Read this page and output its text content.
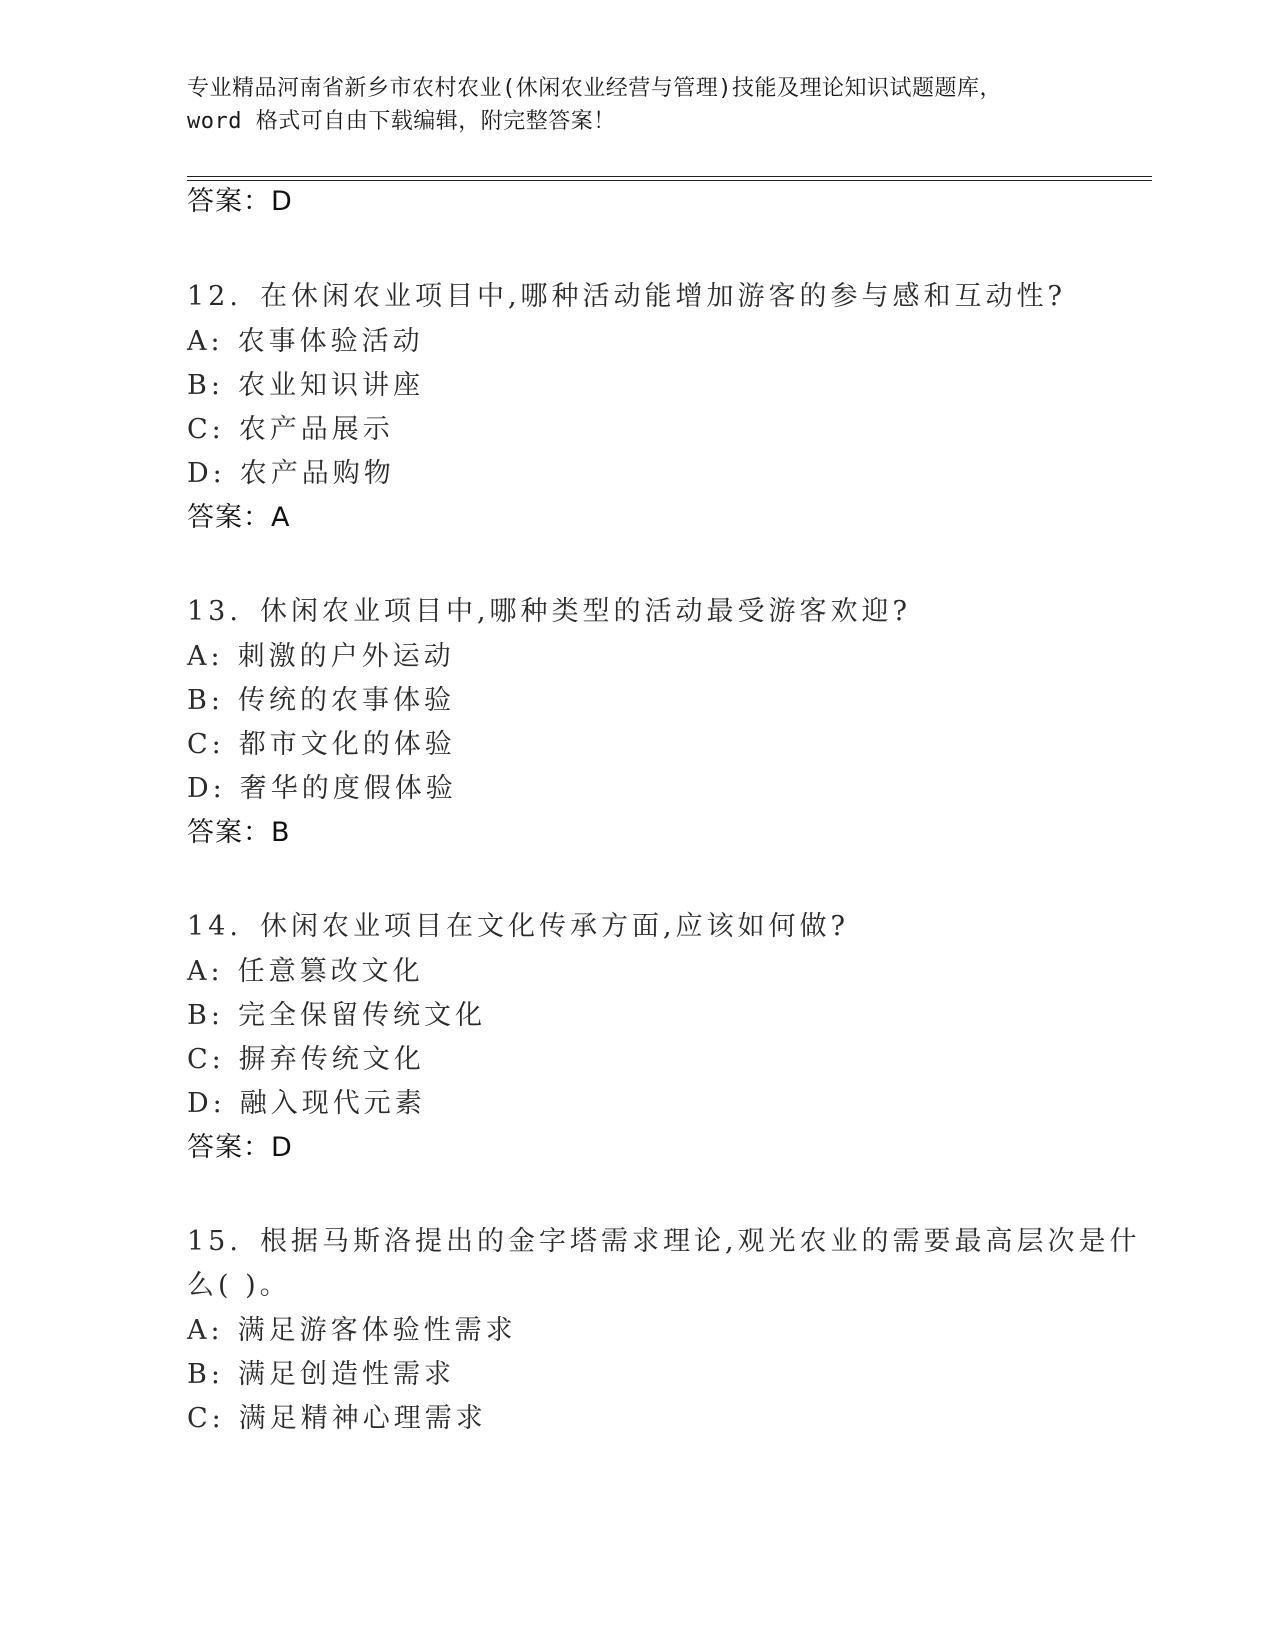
专业精品河南省新乡市农村农业(休闲农业经营与管理)技能及理论知识试题题库，
word 格式可自由下载编辑，附完整答案！
答案：D
12. 在休闲农业项目中,哪种活动能增加游客的参与感和互动性?
A: 农事体验活动
B: 农业知识讲座
C: 农产品展示
D: 农产品购物
答案：A
13. 休闲农业项目中,哪种类型的活动最受游客欢迎?
A: 刺激的户外运动
B: 传统的农事体验
C: 都市文化的体验
D: 奢华的度假体验
答案：B
14. 休闲农业项目在文化传承方面,应该如何做?
A: 任意篡改文化
B: 完全保留传统文化
C: 摒弃传统文化
D: 融入现代元素
答案：D
15. 根据马斯洛提出的金字塔需求理论,观光农业的需要最高层次是什
么( )。
A: 满足游客体验性需求
B: 满足创造性需求
C: 满足精神心理需求
